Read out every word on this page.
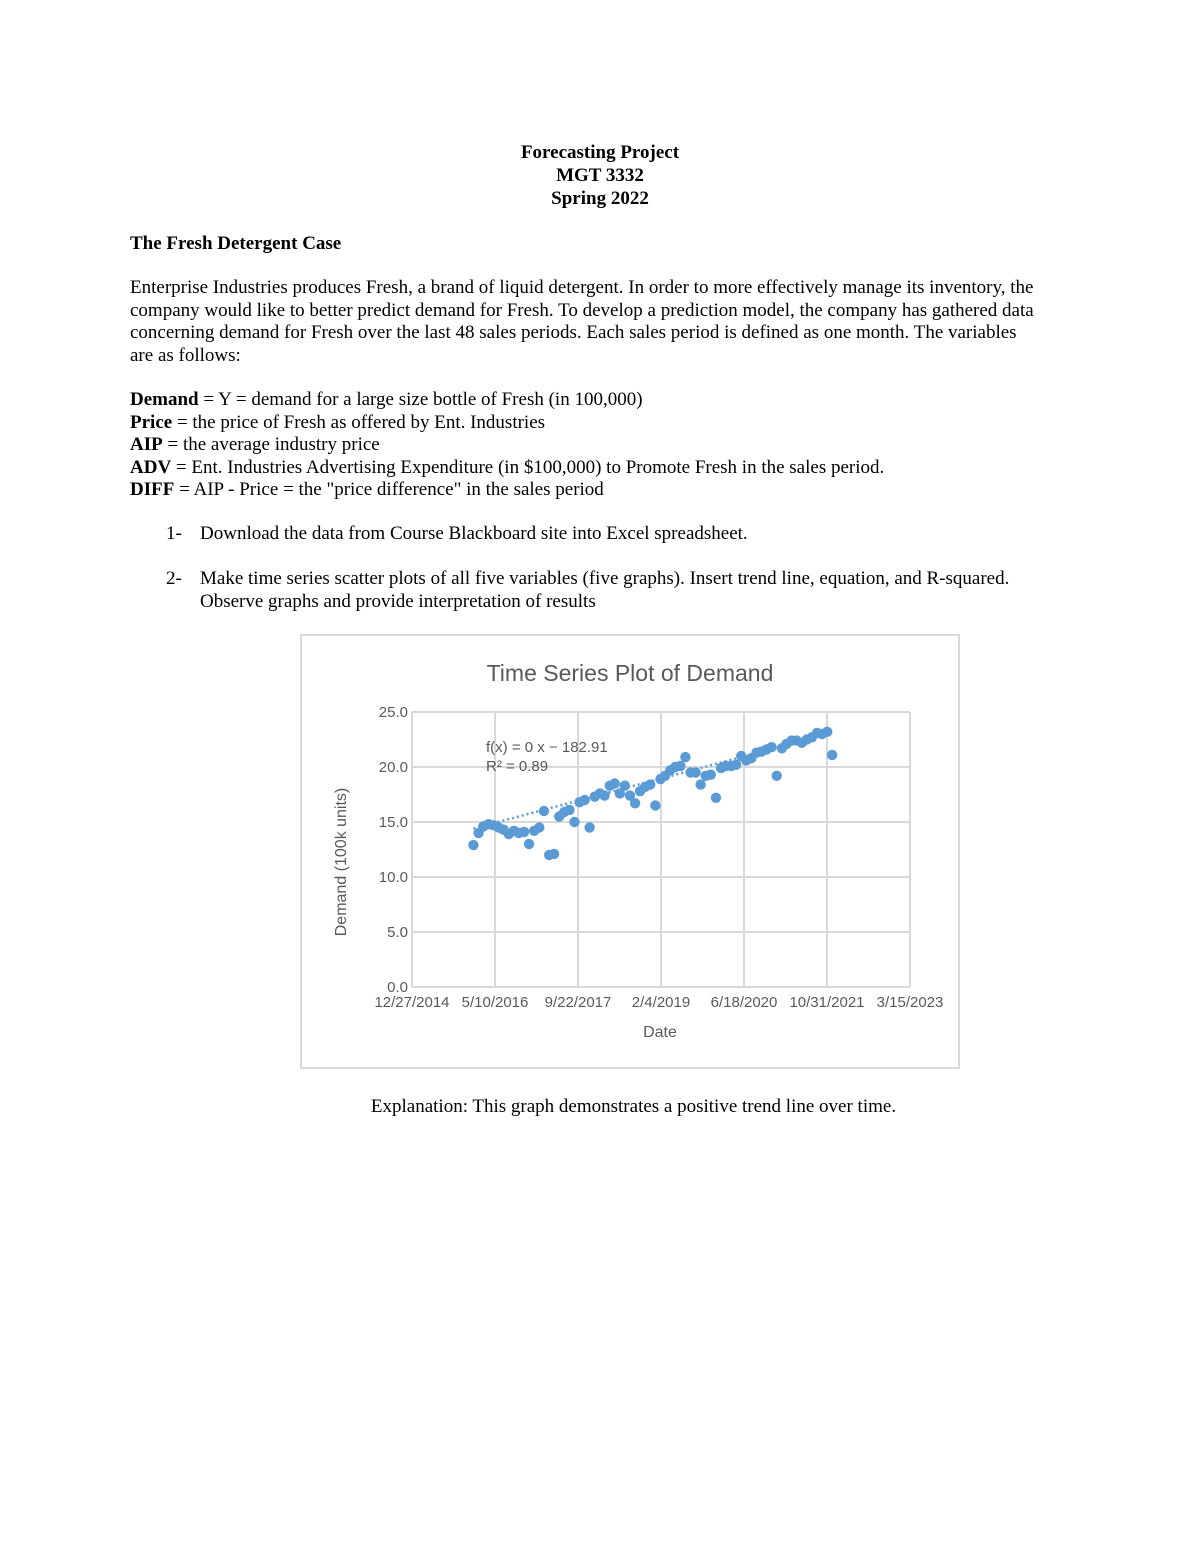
Forecasting Project
MGT 3332
Spring 2022
The Fresh Detergent Case
Enterprise Industries produces Fresh, a brand of liquid detergent. In order to more effectively manage its inventory, the
company would like to better predict demand for Fresh. To develop a prediction model, the company has gathered data
concerning demand for Fresh over the last 48 sales periods. Each sales period is defined as one month. The variables
are as follows:
Demand = Y = demand for a large size bottle of Fresh (in 100,000)
Price = the price of Fresh as offered by Ent. Industries
AIP = the average industry price
ADV = Ent. Industries Advertising Expenditure (in $100,000) to Promote Fresh in the sales period.
DIFF = AIP - Price = the "price difference" in the sales period
1- Download the data from Course Blackboard site into Excel spreadsheet.
2- Make time series scatter plots of all five variables (five graphs). Insert trend line, equation, and R-squared.
Observe graphs and provide interpretation of results
Time Series Plot of Demand
0.0
5.0
10.0
15.0
20.0
25.0
12/27/2014 5/10/2016 9/22/2017 2/4/2019 6/18/2020 10/31/2021 3/15/2023
f(x) = 0 x − 182.91
R² = 0.89
Date
Demand (100k units)
Explanation: This graph demonstrates a positive trend line over time.
